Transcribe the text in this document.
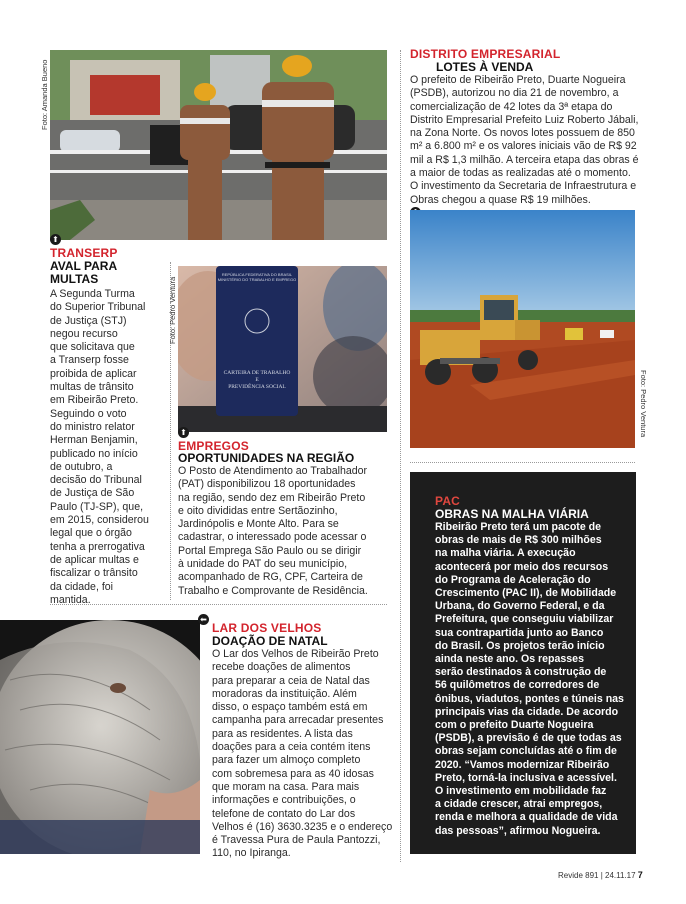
Foto: Amanda Bueno
⬆
TRANSERP
AVAL PARA
MULTAS
A Segunda Turma
do Superior Tribunal
de Justiça (STJ)
negou recurso
que solicitava que
a Transerp fosse
proibida de aplicar
multas de trânsito
em Ribeirão Preto.
Seguindo o voto
do ministro relator
Herman Benjamin,
publicado no início
de outubro, a
decisão do Tribunal
de Justiça de São
Paulo (TJ-SP), que,
em 2015, considerou
legal que o órgão
tenha a prerrogativa
de aplicar multas e
fiscalizar o trânsito
da cidade, foi
mantida.
Foto: Pedro Ventura
REPÚBLICA FEDERATIVA DO BRASIL
MINISTÉRIO DO TRABALHO E EMPREGO
CARTEIRA DE TRABALHO
E
PREVIDÊNCIA SOCIAL
⬆
EMPREGOS
OPORTUNIDADES NA REGIÃO
O Posto de Atendimento ao Trabalhador
(PAT) disponibilizou 18 oportunidades
na região, sendo dez em Ribeirão Preto
e oito divididas entre Sertãozinho,
Jardinópolis e Monte Alto. Para se
cadastrar, o interessado pode acessar o
Portal Emprega São Paulo ou se dirigir
à unidade do PAT do seu município,
acompanhado de RG, CPF, Carteira de
Trabalho e Comprovante de Residência.
DISTRITO EMPRESARIAL
LOTES À VENDA
O prefeito de Ribeirão Preto, Duarte Nogueira
(PSDB), autorizou no dia 21 de novembro, a
comercialização de 42 lotes da 3ª etapa do
Distrito Empresarial Prefeito Luiz Roberto Jábali,
na Zona Norte. Os novos lotes possuem de 850
m² a 6.800 m² e os valores iniciais vão de R$ 92
mil a R$ 1,3 milhão. A terceira etapa das obras é
a maior de todas as realizadas até o momento.
O investimento da Secretaria de Infraestrutura e
Obras chegou a quase R$ 19 milhões.
Foto: Pedro Ventura
PAC
OBRAS NA MALHA VIÁRIA
Ribeirão Preto terá um pacote de
obras de mais de R$ 300 milhões
na malha viária. A execução
acontecerá por meio dos recursos
do Programa de Aceleração do
Crescimento (PAC II), de Mobilidade
Urbana, do Governo Federal, e da
Prefeitura, que conseguiu viabilizar
sua contrapartida junto ao Banco
do Brasil. Os projetos terão início
ainda neste ano. Os repasses
serão destinados à construção de
56 quilômetros de corredores de
ônibus, viadutos, pontes e túneis nas
principais vias da cidade. De acordo
com o prefeito Duarte Nogueira
(PSDB), a previsão é de que todas as
obras sejam concluídas até o fim de
2020. “Vamos modernizar Ribeirão
Preto, torná-la inclusiva e acessível.
O investimento em mobilidade faz
a cidade crescer, atrai empregos,
renda e melhora a qualidade de vida
das pessoas”, afirmou Nogueira.
⬅
LAR DOS VELHOS
DOAÇÃO DE NATAL
O Lar dos Velhos de Ribeirão Preto
recebe doações de alimentos
para preparar a ceia de Natal das
moradoras da instituição. Além
disso, o espaço também está em
campanha para arrecadar presentes
para as residentes. A lista das
doações para a ceia contém itens
para fazer um almoço completo
com sobremesa para as 40 idosas
que moram na casa. Para mais
informações e contribuições, o
telefone de contato do Lar dos
Velhos é (16) 3630.3235 e o endereço
é Travessa Pura de Paula Pantozzi,
110, no Ipiranga.
Revide 891 | 24.11.17 7
